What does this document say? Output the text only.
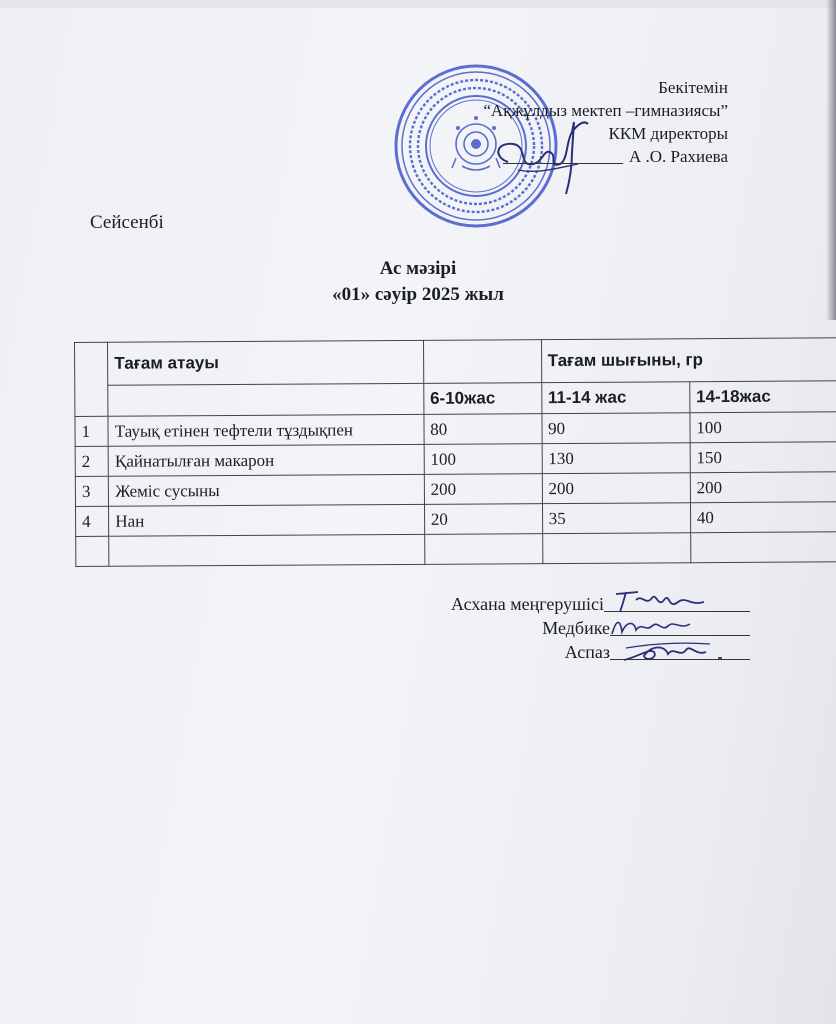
Бекітемін
“Ақжұлдыз мектеп –гимназиясы”
ККМ директоры
А .О. Рахиева
Сейсенбі
Ас мәзірі
«01» сәуір 2025 жыл
	Тағам атауы		Тағам шығыны, гр	
		6-10жас	11-14 жас	14-18жас
1	Тауық етінен тефтели тұздықпен	80	90	100
2	Қайнатылған макарон	100	130	150
3	Жеміс сусыны	200	200	200
4	Нан	20	35	40

Асхана меңгерушісі
Медбике
Аспаз
